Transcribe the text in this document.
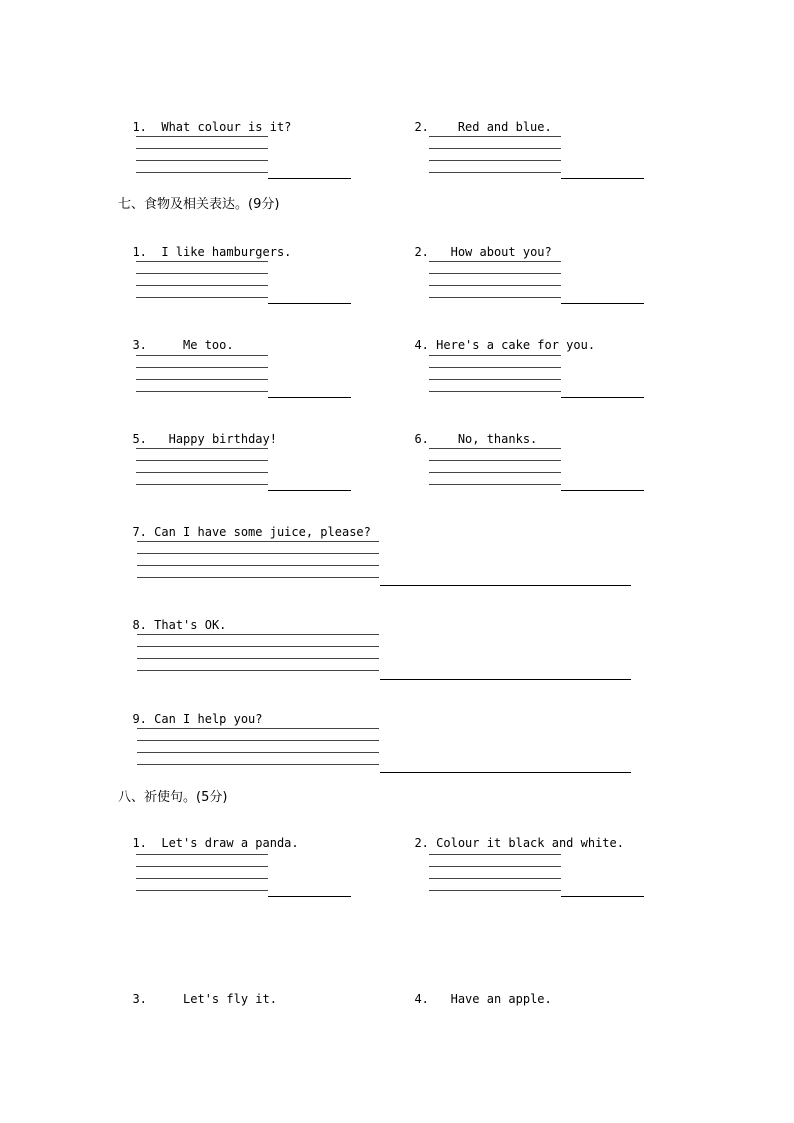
1. What colour is it?	2. Red and blue.

七、食物及相关表达。(9分)

1. I like hamburgers.	2. How about you?

3.	Me too.	4. Here's a cake for you.

5. Happy birthday!	6. No, thanks.

7. Can I have some juice, please?

8. That's OK.

9. Can I help you?

八、祈使句。(5分)

1. Let's draw a panda.	2. Colour it black and white.

3.	Let's fly it.	4. Have an apple.
